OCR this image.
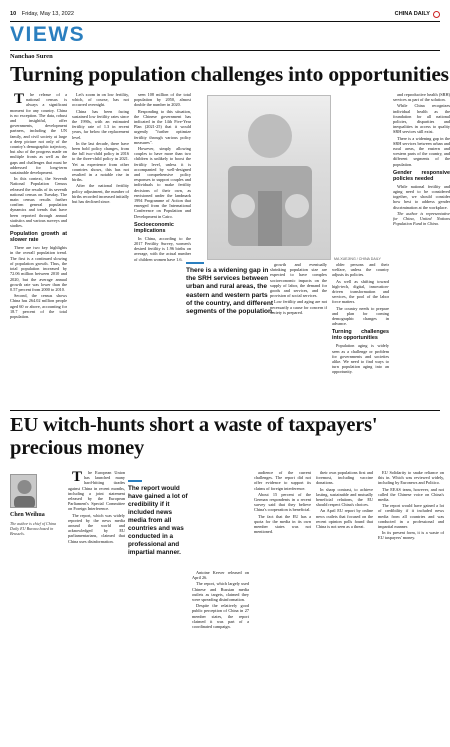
10 Friday, May 13, 2022	CHINA DAILY
VIEWS
Nanchao Suren
Turning population challenges into opportunities

T he release of a national census is always a significant moment for any country. China is no exception. The data, robust and insightful, offer governments, development partners, including the UN family, and civil society at large a deep picture not only of the country's demographic trajectory, but also of the progress made on multiple fronts as well as the gaps and challenges that must be addressed for long-term sustainable development.

In this context, the Seventh National Population Census released the results of its seventh national census on Tuesday. The main census results further confirm general population dynamics and trends that have been reported through annual statistics and various surveys and studies.

Population growth at slower rate

There are two key highlights in the overall population trend. The first is a continued slowing of population growth. Thus, the total population increased by 72.06 million between 2010 and 2020, but the average annual growth rate was lower than the 0.57 percent from 2000 to 2010.

Second, the census shows China has 264.02 million people aged 60 or above, accounting for 18.7 percent of the total population.

Let's zoom in on low fertility, which, of course, has not occurred overnight.

China has been facing sustained low fertility rates since the 1990s, with an estimated fertility rate of 1.3 in recent years, far below the replacement level.

In the last decade, there have been bold policy changes, from the full two-child policy in 2016 to the three-child policy in 2021. Yet as experience from other countries shows, this has not resulted in a notable rise in births.

After the national fertility policy adjustment, the number of births recorded increased initially but has declined since.

seen 108 million of the total population by 2050, almost double the number in 2020.

Responding to this situation, the Chinese government has indicated in the 14th Five-Year Plan (2021-25) that it would urgently "further optimize fertility through various policy measures".

However, simply allowing couples to have more than two children is unlikely to boost the fertility level, unless it is accompanied by well-designed and comprehensive policy responses to support couples and individuals to make fertility decisions of their own, as envisioned under the landmark 1994 Programme of Action that emerged from the International Conference on Population and Development in Cairo.

Socioeconomic implications

In China, according to the 2017 Fertility Survey, women's desired fertility is 1.96 births on average, with the actual number of children women have 1.6.

growth and eventually shrinking population size are expected to have complex socioeconomic impacts on the supply of labor, the demand for goods and services, and the provision of social services.

Low fertility and aging are not necessarily a cause for concern if society is prepared.

older persons and their welfare, unless the country adjusts its policies.

As well as shifting toward high-tech, digital, innovation-driven transformation and services, the pool of the labor force matters.

The country needs to prepare and plan for coming demographic changes in advance.

Turning challenges into opportunities

Population aging is widely seen as a challenge or problem for governments and societies alike. We need to find ways to turn population aging into an opportunity.

and reproductive health (SRH) services as part of the solution.

While China recognizes individual health as the foundation for all national policies, disparities and inequalities in access to quality SRH services still exist.

There is a widening gap in the SRH services between urban and rural areas, the eastern and western parts of the country, and different segments of the population.

Gender responsive policies needed

While national fertility and aging need to be considered together, we should consider how best to address gender discrimination at the workplace.

The author is representative for China, United Nations Population Fund in China.

MA XUEJING / CHINA DAILY
There is a widening gap in the SRH services between urban and rural areas, the eastern and western parts of the country, and different segments of the population.
EU witch-hunts short a waste of taxpayers' precious money
Chen Weihua
The author is chief of China Daily EU Bureau based in Brussels.

T he European Union has launched many hard-hitting tirades against China in recent months, including a joint statement released by the European Parliament's Special Committee on Foreign Interference.

The report, which was widely reported by the news media around the world and acknowledged by EU parliamentarians, claimed that China uses disinformation.

Antoine Kerver released on April 26.

The report, which largely used Chinese and Russian media outlets as targets, claimed they were spreading disinformation.

Despite the relatively good public perception of China in 27 member states, the report claimed it was part of a coordinated campaign.

audience of the current challenges. The report did not offer evidence to support its claims of foreign interference.

About 15 percent of the German respondents in a recent survey said that they believe China's cooperation is beneficial.

The fact that the EU has a quota for the media in its own member states was not mentioned.

their own populations first and foremost, including vaccine donations.

In sharp contrast, to achieve lasting, sustainable and mutually beneficial relations, the EU should respect China's choices.

An April EU report by online news outlets that focused on the recent opinion polls found that China is not seen as a threat.

EU Solidarity to snake reliance on this in. Which was reviewed widely, including by Euronews and Politico.

The EEAS team, however, and not called the Chinese voice on China's media.

The report would have gained a lot of credibility if it included news media from all countries and was conducted in a professional and impartial manner.

In its present form, it is a waste of EU taxpayers' money.

The report would have gained a lot of credibility if it included news media from all countries and was conducted in a professional and impartial manner.
